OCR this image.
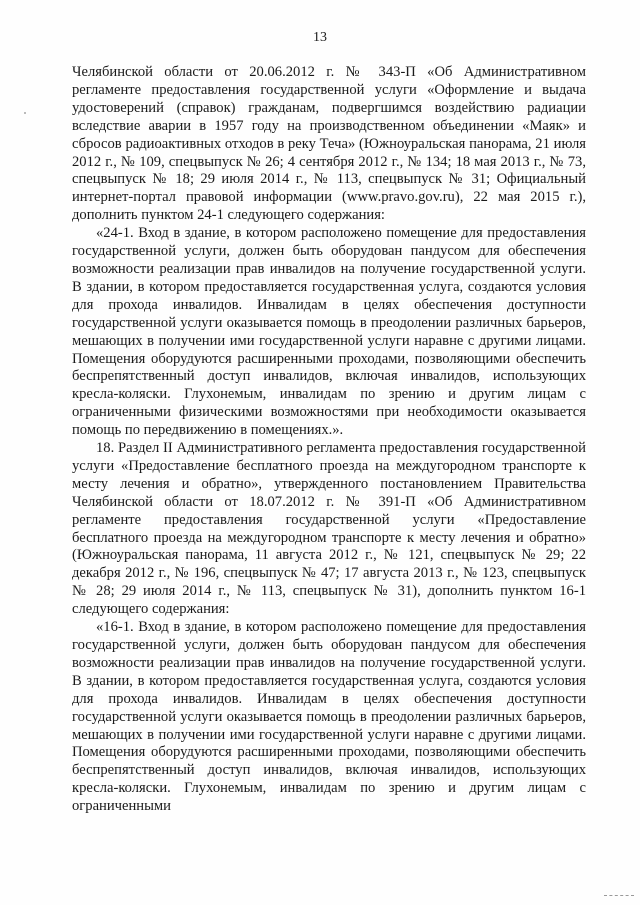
13

Челябинской области от 20.06.2012 г. № 343-П «Об Административном регламенте предоставления государственной услуги «Оформление и выдача удостоверений (справок) гражданам, подвергшимся воздействию радиации вследствие аварии в 1957 году на производственном объединении «Маяк» и сбросов радиоактивных отходов в реку Теча» (Южноуральская панорама, 21 июля 2012 г., № 109, спецвыпуск № 26; 4 сентября 2012 г., № 134; 18 мая 2013 г., № 73, спецвыпуск № 18; 29 июля 2014 г., № 113, спецвыпуск № 31; Официальный интернет-портал правовой информации (www.pravo.gov.ru), 22 мая 2015 г.), дополнить пунктом 24-1 следующего содержания:

«24-1. Вход в здание, в котором расположено помещение для предоставления государственной услуги, должен быть оборудован пандусом для обеспечения возможности реализации прав инвалидов на получение государственной услуги. В здании, в котором предоставляется государственная услуга, создаются условия для прохода инвалидов. Инвалидам в целях обеспечения доступности государственной услуги оказывается помощь в преодолении различных барьеров, мешающих в получении ими государственной услуги наравне с другими лицами. Помещения оборудуются расширенными проходами, позволяющими обеспечить беспрепятственный доступ инвалидов, включая инвалидов, использующих кресла-коляски. Глухонемым, инвалидам по зрению и другим лицам с ограниченными физическими возможностями при необходимости оказывается помощь по передвижению в помещениях.».

18. Раздел II Административного регламента предоставления государственной услуги «Предоставление бесплатного проезда на междугородном транспорте к месту лечения и обратно», утвержденного постановлением Правительства Челябинской области от 18.07.2012 г. № 391-П «Об Административном регламенте предоставления государственной услуги «Предоставление бесплатного проезда на междугородном транспорте к месту лечения и обратно» (Южноуральская панорама, 11 августа 2012 г., № 121, спецвыпуск № 29; 22 декабря 2012 г., № 196, спецвыпуск № 47; 17 августа 2013 г., № 123, спецвыпуск № 28; 29 июля 2014 г., № 113, спецвыпуск № 31), дополнить пунктом 16-1 следующего содержания:

«16-1. Вход в здание, в котором расположено помещение для предоставления государственной услуги, должен быть оборудован пандусом для обеспечения возможности реализации прав инвалидов на получение государственной услуги. В здании, в котором предоставляется государственная услуга, создаются условия для прохода инвалидов. Инвалидам в целях обеспечения доступности государственной услуги оказывается помощь в преодолении различных барьеров, мешающих в получении ими государственной услуги наравне с другими лицами. Помещения оборудуются расширенными проходами, позволяющими обеспечить беспрепятственный доступ инвалидов, включая инвалидов, использующих кресла-коляски. Глухонемым, инвалидам по зрению и другим лицам с ограниченными
